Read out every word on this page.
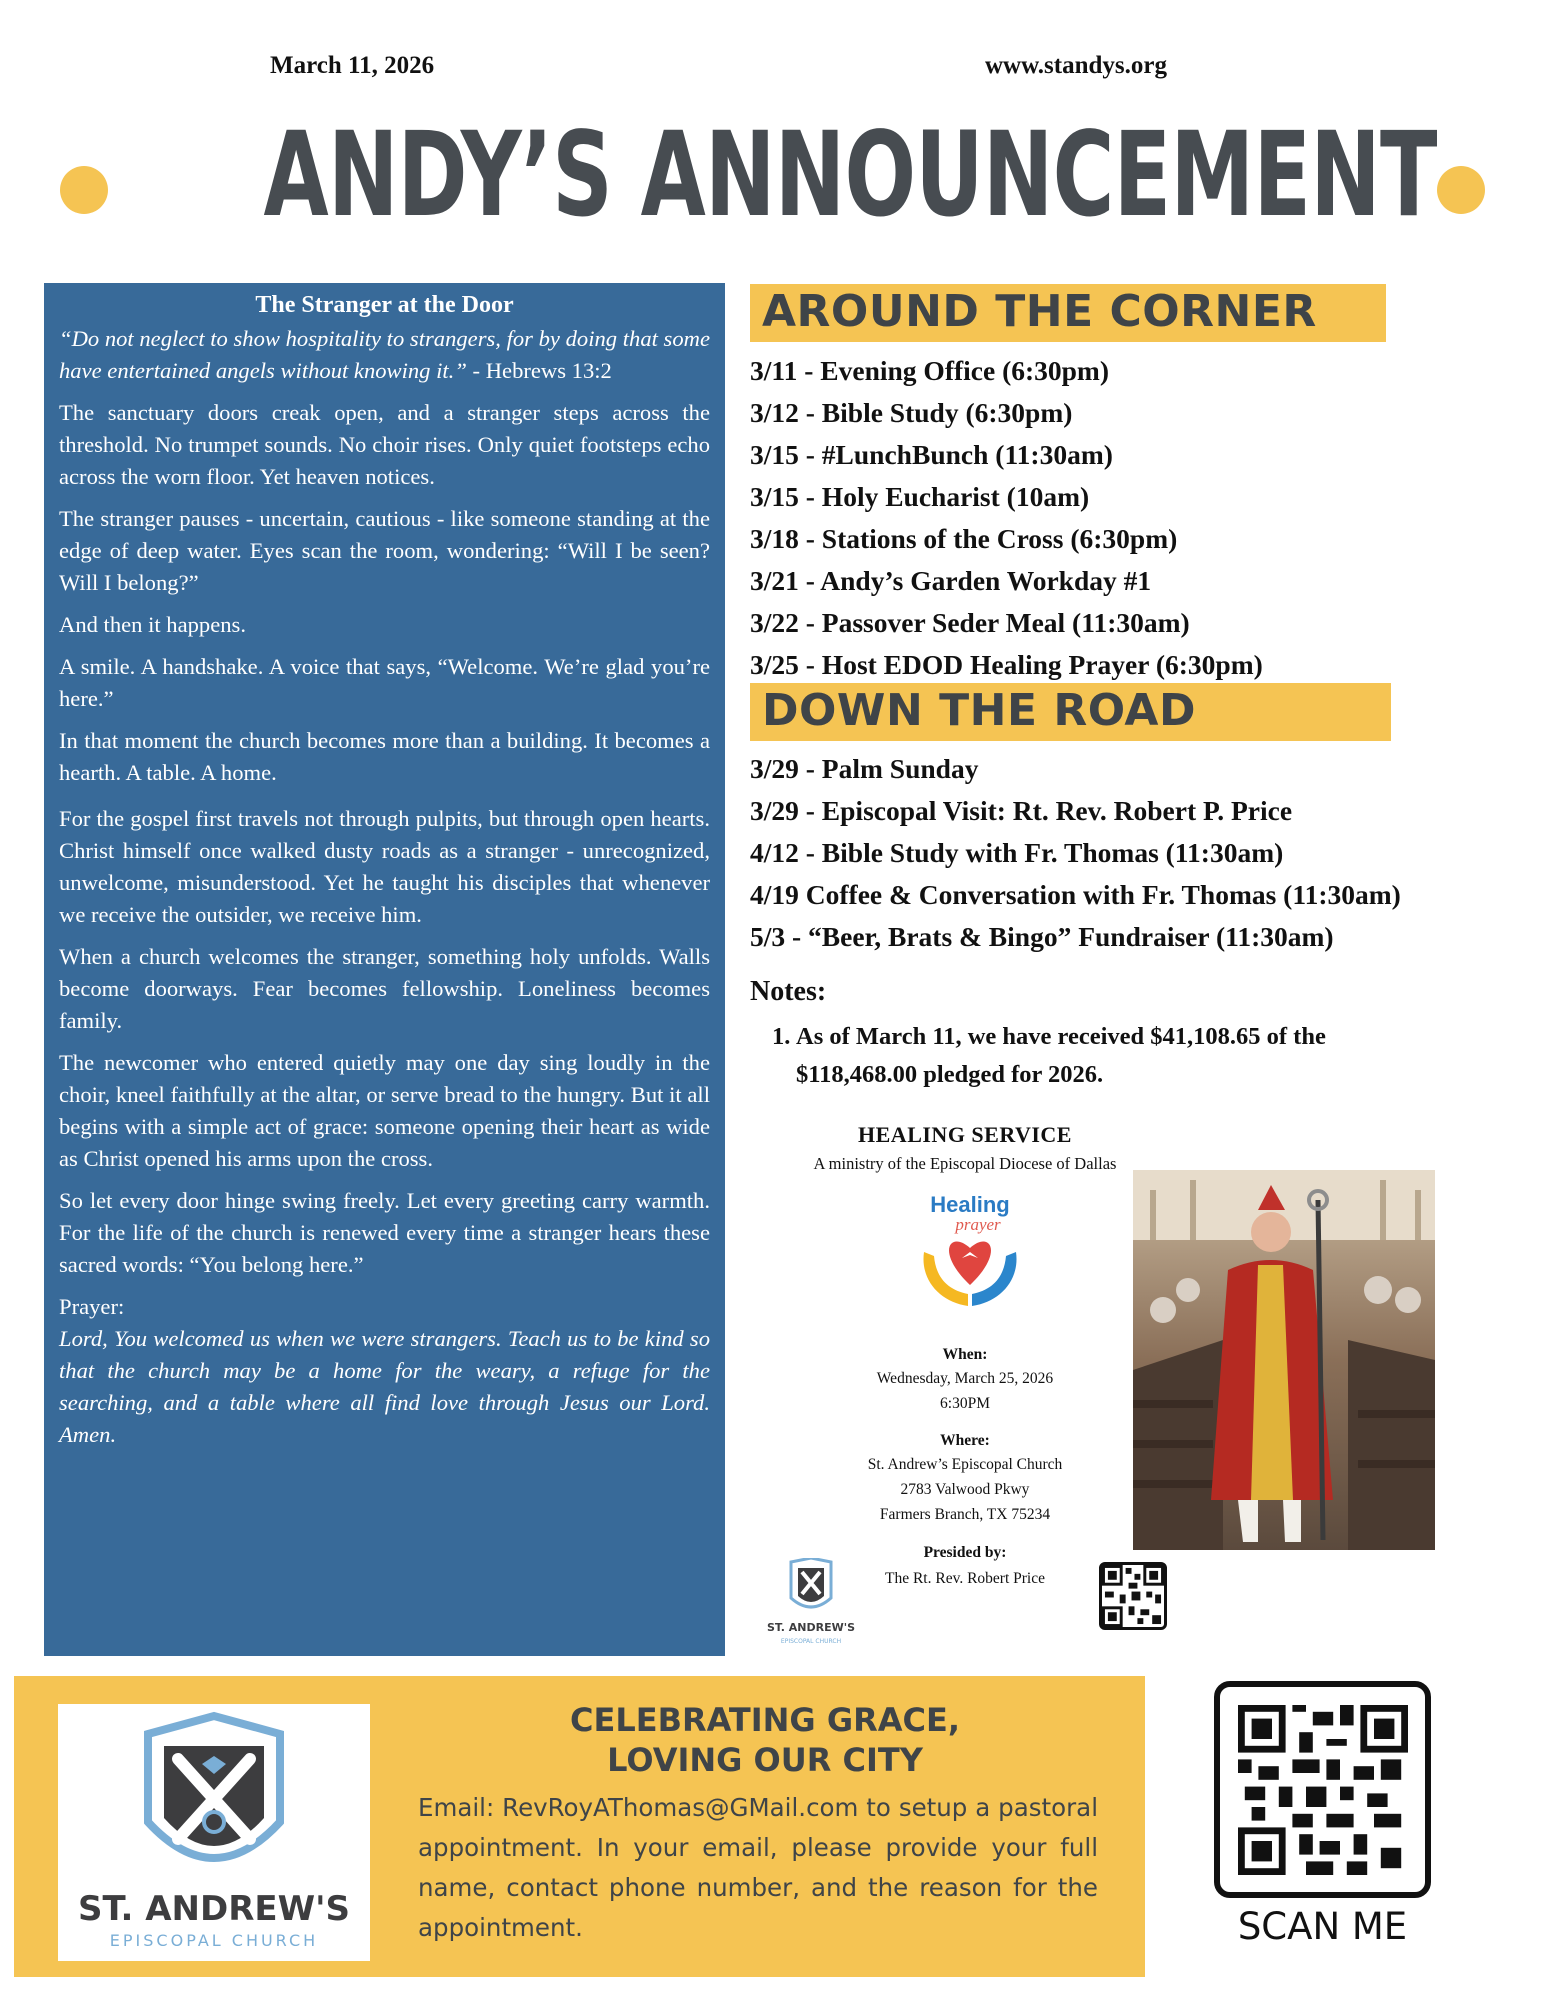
March 11, 2026	www.standys.org
ANDY’S ANNOUNCEMENT
The Stranger at the Door

“Do not neglect to show hospitality to strangers, for by doing that some have entertained angels without knowing it.” - Hebrews 13:2

The sanctuary doors creak open, and a stranger steps across the threshold. No trumpet sounds. No choir rises. Only quiet footsteps echo across the worn floor. Yet heaven notices.

The stranger pauses - uncertain, cautious - like someone standing at the edge of deep water. Eyes scan the room, wondering: “Will I be seen? Will I belong?”

And then it happens.

A smile. A handshake. A voice that says, “Welcome. We’re glad you’re here.”

In that moment the church becomes more than a building. It becomes a hearth. A table. A home.

For the gospel first travels not through pulpits, but through open hearts. Christ himself once walked dusty roads as a stranger - unrecognized, unwelcome, misunderstood. Yet he taught his disciples that whenever we receive the outsider, we receive him.

When a church welcomes the stranger, something holy unfolds. Walls become doorways. Fear becomes fellowship. Loneliness becomes family.

The newcomer who entered quietly may one day sing loudly in the choir, kneel faithfully at the altar, or serve bread to the hungry. But it all begins with a simple act of grace: someone opening their heart as wide as Christ opened his arms upon the cross.

So let every door hinge swing freely. Let every greeting carry warmth. For the life of the church is renewed every time a stranger hears these sacred words: “You belong here.”

Prayer:

Lord, You welcomed us when we were strangers. Teach us to be kind so that the church may be a home for the weary, a refuge for the searching, and a table where all find love through Jesus our Lord. Amen.

AROUND THE CORNER
3/11 - Evening Office (6:30pm)
3/12 - Bible Study (6:30pm)
3/15 - #LunchBunch (11:30am)
3/15 - Holy Eucharist (10am)
3/18 - Stations of the Cross (6:30pm)
3/21 - Andy’s Garden Workday #1
3/22 - Passover Seder Meal (11:30am)
3/25 - Host EDOD Healing Prayer (6:30pm)
DOWN THE ROAD
3/29 - Palm Sunday
3/29 - Episcopal Visit: Rt. Rev. Robert P. Price
4/12 - Bible Study with Fr. Thomas (11:30am)
4/19 Coffee & Conversation with Fr. Thomas (11:30am)
5/3 - “Beer, Brats & Bingo” Fundraiser (11:30am)
Notes:
1. As of March 11, we have received $41,108.65 of the $118,468.00 pledged for 2026.
HEALING SERVICE
A ministry of the Episcopal Diocese of Dallas
Healing
prayer
When:
Wednesday, March 25, 2026
6:30PM
Where:
St. Andrew’s Episcopal Church
2783 Valwood Pkwy
Farmers Branch, TX 75234
Presided by:
The Rt. Rev. Robert Price
ST. ANDREW'S
EPISCOPAL CHURCH
ST. ANDREW'S
EPISCOPAL CHURCH
CELEBRATING GRACE,
LOVING OUR CITY
Email: RevRoyAThomas@GMail.com to setup a pastoral appointment. In your email, please provide your full name, contact phone number, and the reason for the appointment.	SCAN ME
